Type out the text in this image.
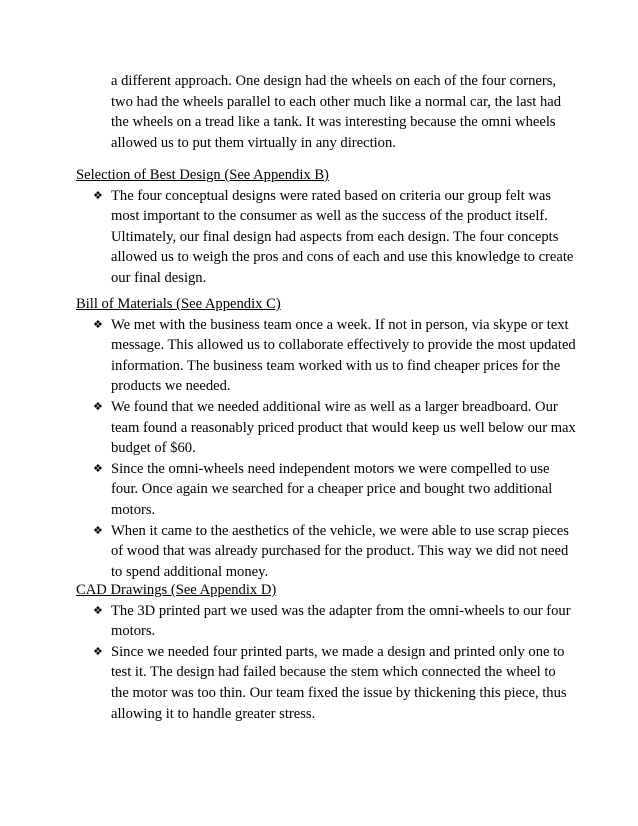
a different approach. One design had the wheels on each of the four corners, two had the wheels parallel to each other much like a normal car, the last had the wheels on a tread like a tank. It was interesting because the omni wheels allowed us to put them virtually in any direction.

Selection of Best Design (See Appendix B)
❖ The four conceptual designs were rated based on criteria our group felt was most important to the consumer as well as the success of the product itself. Ultimately, our final design had aspects from each design. The four concepts allowed us to weigh the pros and cons of each and use this knowledge to create our final design.
Bill of Materials (See Appendix C)
❖ We met with the business team once a week. If not in person, via skype or text message. This allowed us to collaborate effectively to provide the most updated information. The business team worked with us to find cheaper prices for the products we needed.
❖ We found that we needed additional wire as well as a larger breadboard. Our team found a reasonably priced product that would keep us well below our max budget of $60.
❖ Since the omni-wheels need independent motors we were compelled to use four. Once again we searched for a cheaper price and bought two additional motors.
❖ When it came to the aesthetics of the vehicle, we were able to use scrap pieces of wood that was already purchased for the product. This way we did not need to spend additional money.
CAD Drawings (See Appendix D)
❖ The 3D printed part we used was the adapter from the omni-wheels to our four motors.
❖ Since we needed four printed parts, we made a design and printed only one to test it. The design had failed because the stem which connected the wheel to the motor was too thin. Our team fixed the issue by thickening this piece, thus allowing it to handle greater stress.
